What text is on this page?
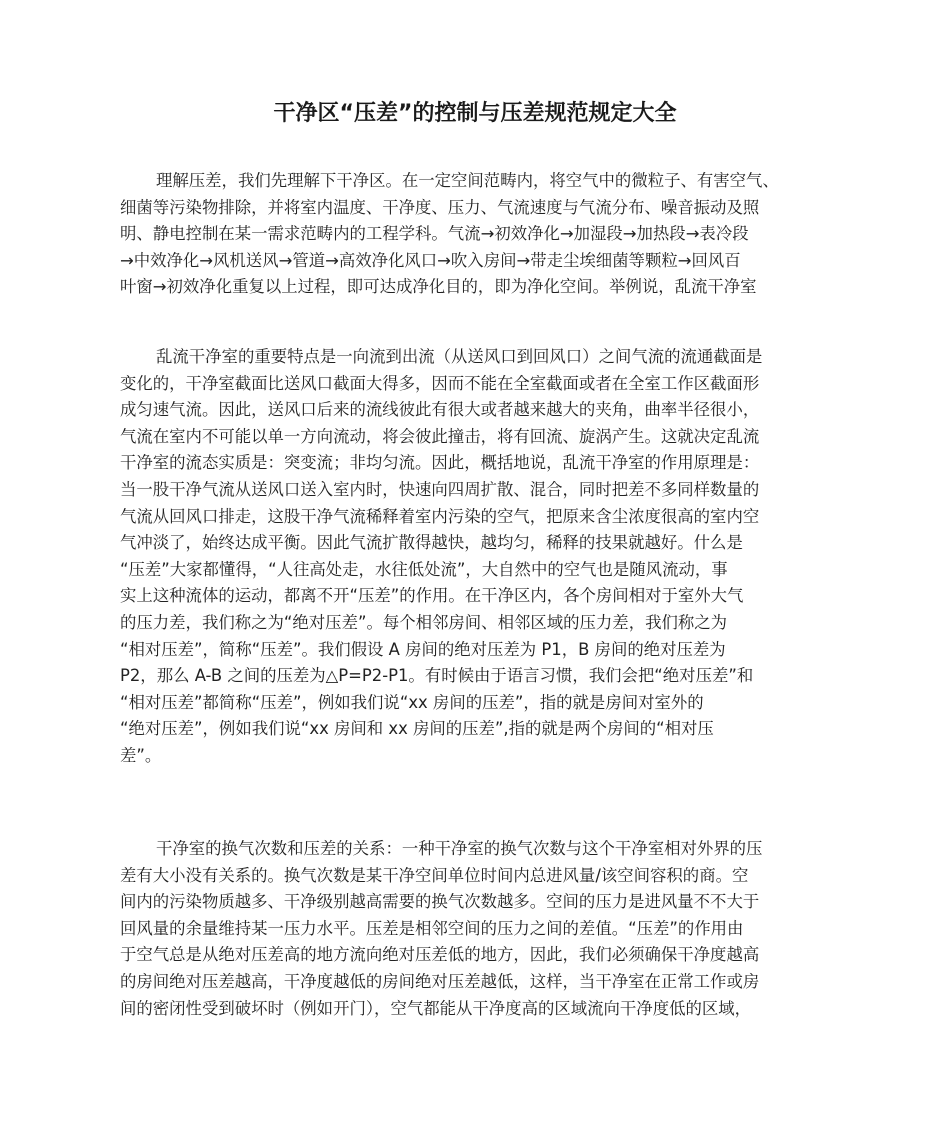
干净区“压差”的控制与压差规范规定大全
理解压差，我们先理解下干净区。在一定空间范畴内，将空气中的微粒子、有害空气、
细菌等污染物排除，并将室内温度、干净度、压力、气流速度与气流分布、噪音振动及照
明、静电控制在某一需求范畴内的工程学科。气流→初效净化→加湿段→加热段→表冷段
→中效净化→风机送风→管道→高效净化风口→吹入房间→带走尘埃细菌等颗粒→回风百
叶窗→初效净化重复以上过程，即可达成净化目的，即为净化空间。举例说，乱流干净室
乱流干净室的重要特点是一向流到出流（从送风口到回风口）之间气流的流通截面是
变化的，干净室截面比送风口截面大得多，因而不能在全室截面或者在全室工作区截面形
成匀速气流。因此，送风口后来的流线彼此有很大或者越来越大的夹角，曲率半径很小，
气流在室内不可能以单一方向流动，将会彼此撞击，将有回流、旋涡产生。这就决定乱流
干净室的流态实质是：突变流；非均匀流。因此，概括地说，乱流干净室的作用原理是：
当一股干净气流从送风口送入室内时，快速向四周扩散、混合，同时把差不多同样数量的
气流从回风口排走，这股干净气流稀释着室内污染的空气，把原来含尘浓度很高的室内空
气冲淡了，始终达成平衡。因此气流扩散得越快，越均匀，稀释的技果就越好。什么是
“压差”大家都懂得，“人往高处走，水往低处流”，大自然中的空气也是随风流动，事
实上这种流体的运动，都离不开“压差”的作用。在干净区内，各个房间相对于室外大气
的压力差，我们称之为“绝对压差”。每个相邻房间、相邻区域的压力差，我们称之为
“相对压差”，简称“压差”。我们假设 A 房间的绝对压差为 P1，B 房间的绝对压差为
P2，那么 A-B 之间的压差为△P=P2-P1。有时候由于语言习惯，我们会把“绝对压差”和
“相对压差”都简称“压差”，例如我们说“xx 房间的压差”，指的就是房间对室外的
“绝对压差”，例如我们说“xx 房间和 xx 房间的压差”,指的就是两个房间的“相对压
差”。
干净室的换气次数和压差的关系：一种干净室的换气次数与这个干净室相对外界的压
差有大小没有关系的。换气次数是某干净空间单位时间内总进风量/该空间容积的商。空
间内的污染物质越多、干净级别越高需要的换气次数越多。空间的压力是进风量不不大于
回风量的余量维持某一压力水平。压差是相邻空间的压力之间的差值。“压差”的作用由
于空气总是从绝对压差高的地方流向绝对压差低的地方，因此，我们必须确保干净度越高
的房间绝对压差越高，干净度越低的房间绝对压差越低，这样，当干净室在正常工作或房
间的密闭性受到破坏时（例如开门），空气都能从干净度高的区域流向干净度低的区域，
